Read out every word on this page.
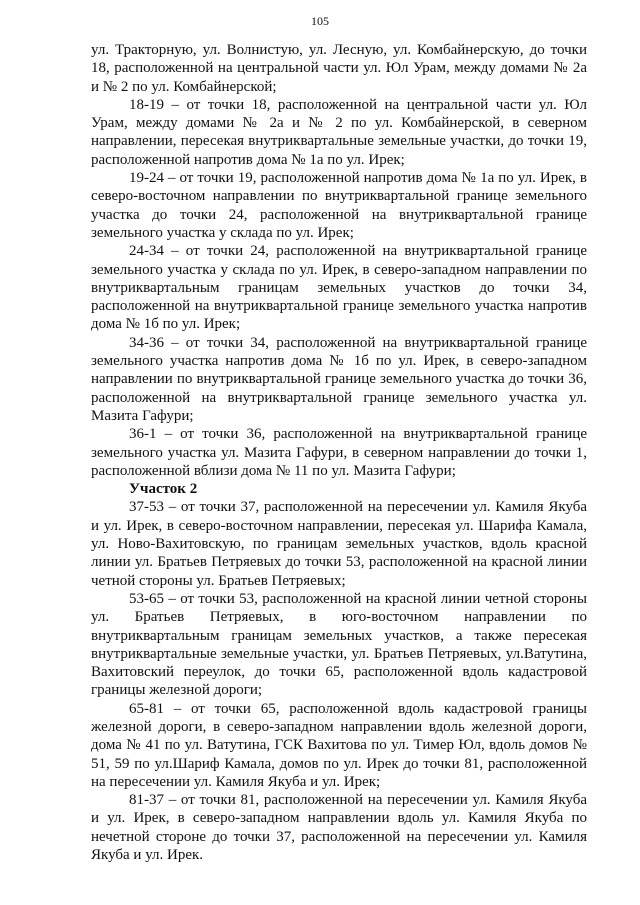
105

ул. Тракторную, ул. Волнистую, ул. Лесную, ул. Комбайнерскую, до точки 18, расположенной на центральной части ул. Юл Урам, между домами № 2а и № 2 по ул. Комбайнерской;

18-19 – от точки 18, расположенной на центральной части ул. Юл Урам, между домами № 2а и № 2 по ул. Комбайнерской, в северном направлении, пересекая внутриквартальные земельные участки, до точки 19, расположенной напротив дома № 1а по ул. Ирек;

19-24 – от точки 19, расположенной напротив дома № 1а по ул. Ирек, в северо-восточном направлении по внутриквартальной границе земельного участка до точки 24, расположенной на внутриквартальной границе земельного участка у склада по ул. Ирек;

24-34 – от точки 24, расположенной на внутриквартальной границе земельного участка у склада по ул. Ирек, в северо-западном направлении по внутриквартальным границам земельных участков до точки 34, расположенной на внутриквартальной границе земельного участка напротив дома № 1б по ул. Ирек;

34-36 – от точки 34, расположенной на внутриквартальной границе земельного участка напротив дома № 1б по ул. Ирек, в северо-западном направлении по внутриквартальной границе земельного участка до точки 36, расположенной на внутриквартальной границе земельного участка ул. Мазита Гафури;

36-1 – от точки 36, расположенной на внутриквартальной границе земельного участка ул. Мазита Гафури, в северном направлении до точки 1, расположенной вблизи дома № 11 по ул. Мазита Гафури;

Участок 2

37-53 – от точки 37, расположенной на пересечении ул. Камиля Якуба и ул. Ирек, в северо-восточном направлении, пересекая ул. Шарифа Камала, ул. Ново-Вахитовскую, по границам земельных участков, вдоль красной линии ул. Братьев Петряевых до точки 53, расположенной на красной линии четной стороны ул. Братьев Петряевых;

53-65 – от точки 53, расположенной на красной линии четной стороны ул. Братьев Петряевых, в юго-восточном направлении по внутриквартальным границам земельных участков, а также пересекая внутриквартальные земельные участки, ул. Братьев Петряевых, ул.Ватутина, Вахитовский переулок, до точки 65, расположенной вдоль кадастровой границы железной дороги;

65-81 – от точки 65, расположенной вдоль кадастровой границы железной дороги, в северо-западном направлении вдоль железной дороги, дома № 41 по ул. Ватутина, ГСК Вахитова по ул. Тимер Юл, вдоль домов № 51, 59 по ул.Шариф Камала, домов по ул. Ирек до точки 81, расположенной на пересечении ул. Камиля Якуба и ул. Ирек;

81-37 – от точки 81, расположенной на пересечении ул. Камиля Якуба и ул. Ирек, в северо-западном направлении вдоль ул. Камиля Якуба по нечетной стороне до точки 37, расположенной на пересечении ул. Камиля Якуба и ул. Ирек.
